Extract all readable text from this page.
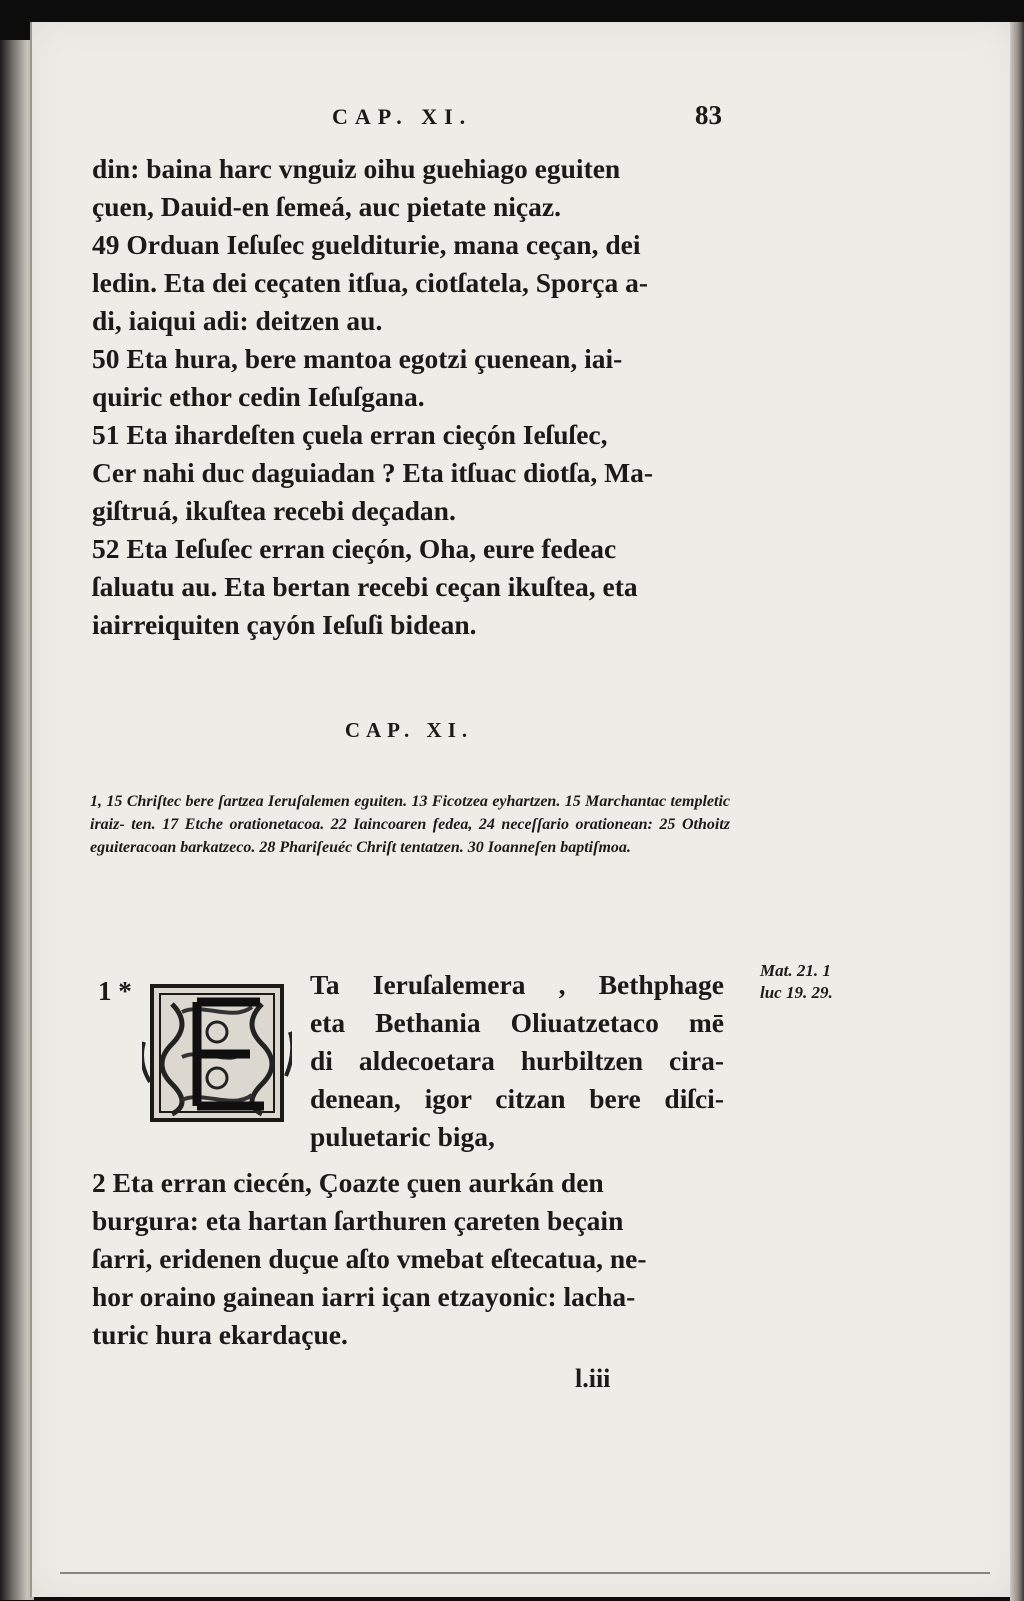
CAP. XI.	83

din: baina harc vnguiz oihu guehiago eguiten

çuen, Dauid-en ſemeá, auc pietate niçaz.

49 Orduan Ieſuſec guelditurie, mana ceçan, dei

ledin. Eta dei ceçaten itſua, ciotſatela, Sporça a-

di, iaiqui adi: deitzen au.

50 Eta hura, bere mantoa egotzi çuenean, iai-

quiric ethor cedin Ieſuſgana.

51 Eta ihardeſten çuela erran cieçón Ieſuſec,

Cer nahi duc daguiadan ? Eta itſuac diotſa, Ma-

giſtruá, ikuſtea recebi deçadan.

52 Eta Ieſuſec erran cieçón, Oha, eure fedeac

ſaluatu au. Eta bertan recebi ceçan ikuſtea, eta

iairreiquiten çayón Ieſuſi bidean.

CAP. XI.
1, 15 Chriſtec bere ſartzea Ieruſalemen eguiten. 13 Ficotzea eyhartzen. 15 Marchantac templetic iraiz- ten. 17 Etche orationetacoa. 22 Iaincoaren fedea, 24 neceſſario orationean: 25 Othoitz eguiteracoan barkatzeco. 28 Phariſeuéc Chriſt tentatzen. 30 Ioanneſen baptiſmoa.
1 *	Ta Ieruſalemera , Bethphage
eta Bethania Oliuatzetaco mē
di aldecoetara hurbiltzen cira-
denean, igor citzan bere diſci-
puluetaric biga,
Mat. 21. 1
luc 19. 29.

2 Eta erran ciecén, Çoazte çuen aurkán den

burgura: eta hartan ſarthuren çareten beçain

ſarri, eridenen duçue aſto vmebat eſtecatua, ne-

hor oraino gainean iarri içan etzayonic: lacha-

turic hura ekardaçue.

l.iii
